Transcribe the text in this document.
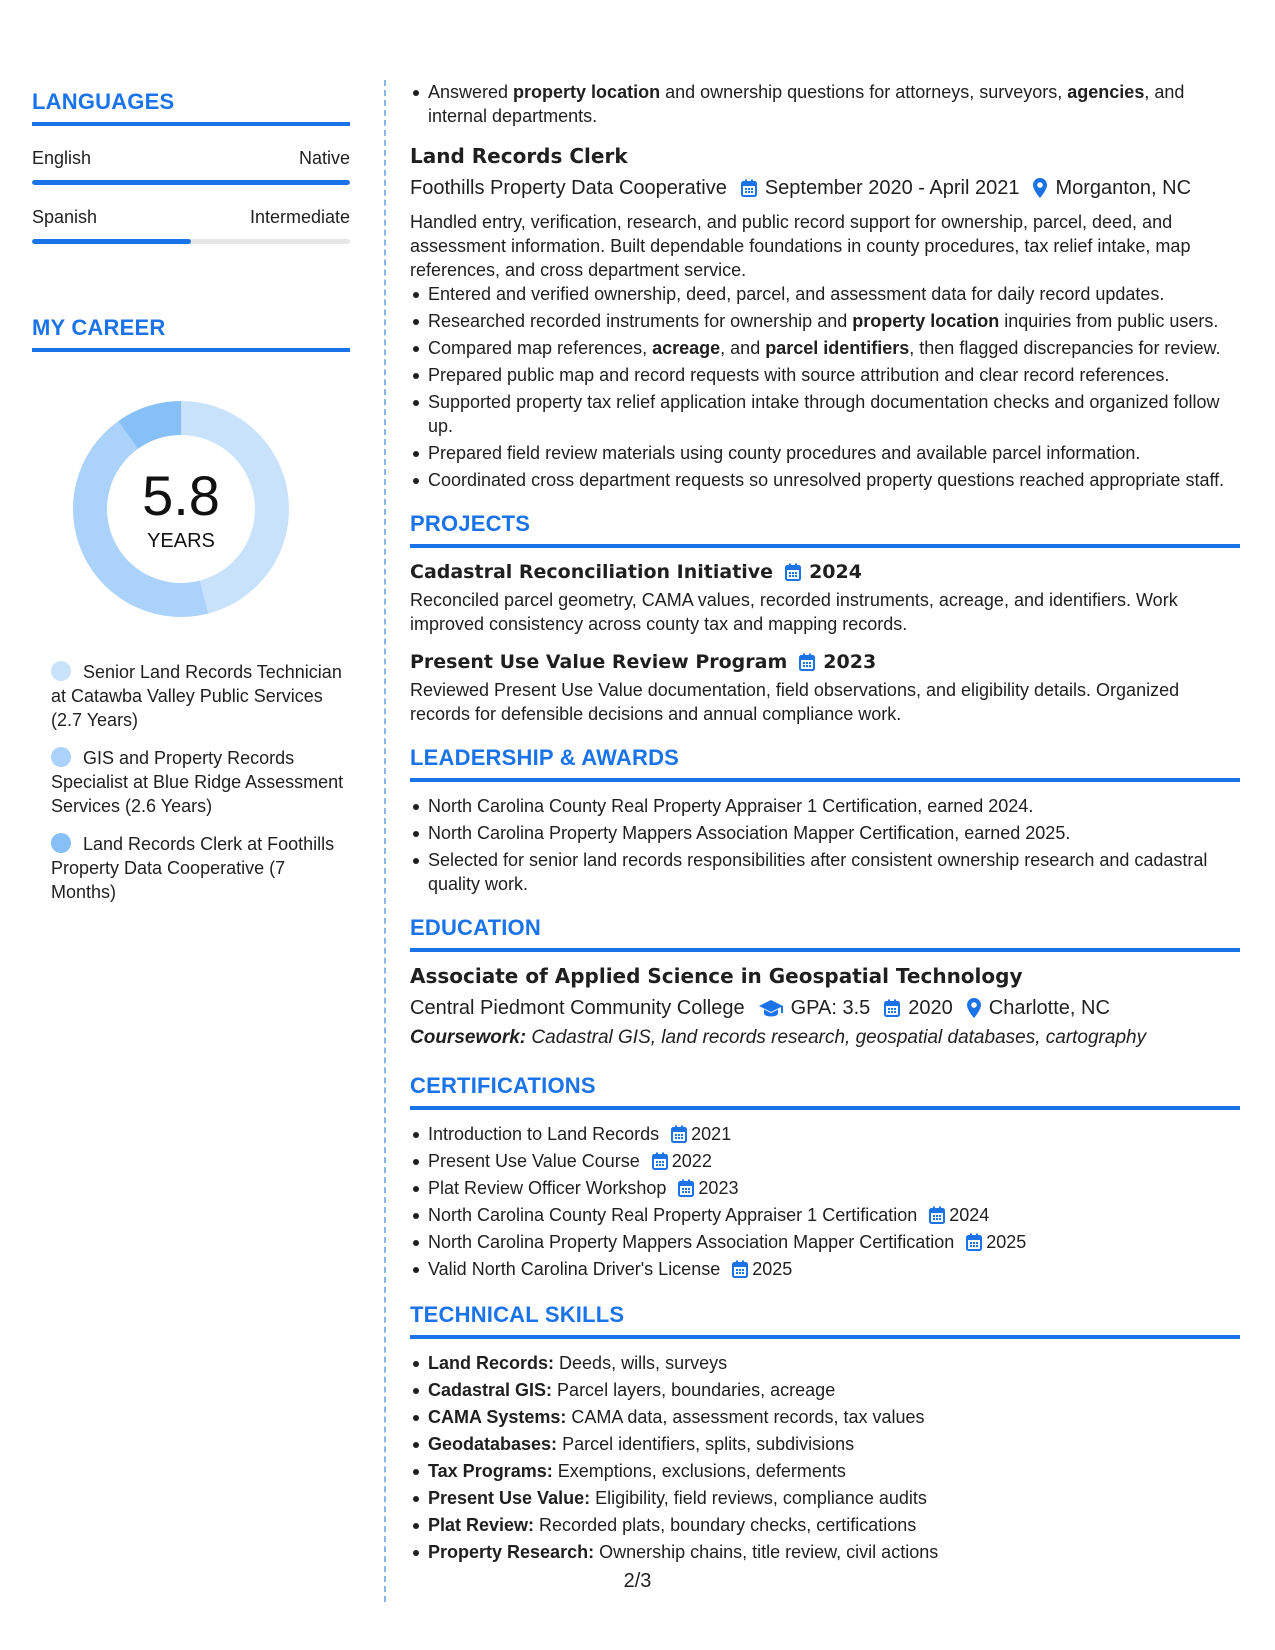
LANGUAGES
English	Native
Spanish	Intermediate
MY CAREER
5.8
YEARS
Senior Land Records Technician at Catawba Valley Public Services (2.7 Years)
GIS and Property Records Specialist at Blue Ridge Assessment Services (2.6 Years)
Land Records Clerk at Foothills Property Data Cooperative (7 Months)
Answered property location and ownership questions for attorneys, surveyors, agencies, and internal departments.
Land Records Clerk
Foothills Property Data Cooperative September 2020 - April 2021 Morganton, NC
Handled entry, verification, research, and public record support for ownership, parcel, deed, and assessment information. Built dependable foundations in county procedures, tax relief intake, map references, and cross department service.
Entered and verified ownership, deed, parcel, and assessment data for daily record updates.
Researched recorded instruments for ownership and property location inquiries from public users.
Compared map references, acreage, and parcel identifiers, then flagged discrepancies for review.
Prepared public map and record requests with source attribution and clear record references.
Supported property tax relief application intake through documentation checks and organized follow up.
Prepared field review materials using county procedures and available parcel information.
Coordinated cross department requests so unresolved property questions reached appropriate staff.
PROJECTS
Cadastral Reconciliation Initiative 2024
Reconciled parcel geometry, CAMA values, recorded instruments, acreage, and identifiers. Work improved consistency across county tax and mapping records.
Present Use Value Review Program 2023
Reviewed Present Use Value documentation, field observations, and eligibility details. Organized records for defensible decisions and annual compliance work.
LEADERSHIP & AWARDS
North Carolina County Real Property Appraiser 1 Certification, earned 2024.
North Carolina Property Mappers Association Mapper Certification, earned 2025.
Selected for senior land records responsibilities after consistent ownership research and cadastral quality work.
EDUCATION
Associate of Applied Science in Geospatial Technology
Central Piedmont Community College GPA: 3.5 2020 Charlotte, NC
Coursework: Cadastral GIS, land records research, geospatial databases, cartography
CERTIFICATIONS
Introduction to Land Records 2021
Present Use Value Course 2022
Plat Review Officer Workshop 2023
North Carolina County Real Property Appraiser 1 Certification 2024
North Carolina Property Mappers Association Mapper Certification 2025
Valid North Carolina Driver's License 2025
TECHNICAL SKILLS
Land Records: Deeds, wills, surveys
Cadastral GIS: Parcel layers, boundaries, acreage
CAMA Systems: CAMA data, assessment records, tax values
Geodatabases: Parcel identifiers, splits, subdivisions
Tax Programs: Exemptions, exclusions, deferments
Present Use Value: Eligibility, field reviews, compliance audits
Plat Review: Recorded plats, boundary checks, certifications
Property Research: Ownership chains, title review, civil actions
2/3
